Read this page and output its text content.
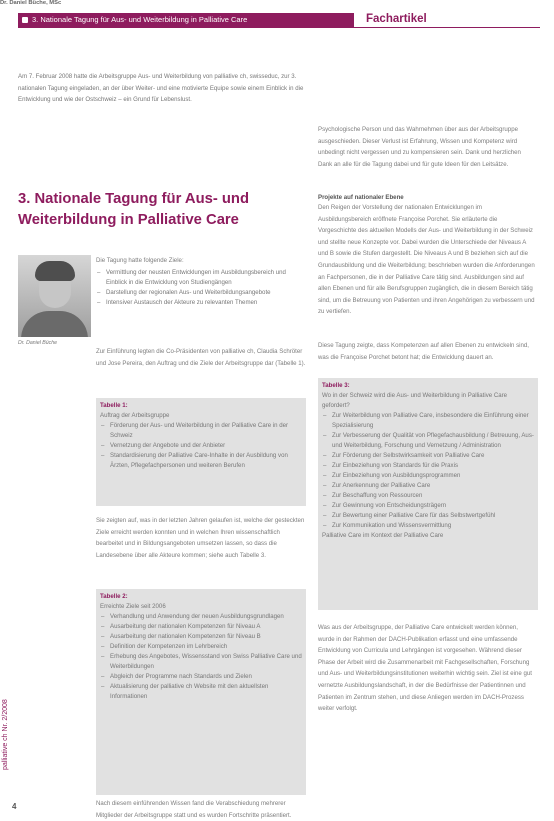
3. Nationale Tagung für Aus- und Weiterbildung in Palliative Care	Fachartikel
Am 7. Februar 2008 hatte die Arbeitsgruppe Aus- und Weiterbildung von palliative ch, swisseduc, zur 3. nationalen Tagung eingeladen, an der über Weiter- und eine motivierte Equipe sowie einem Einblick in die Entwicklung und wie der Ostschweiz – ein Grund für Lebenslust.
Dr. Daniel Büche, MSc
3. Nationale Tagung für Aus- und Weiterbildung in Palliative Care
Dr. Daniel Büche
Die Tagung hatte folgende Ziele:
– Vermittlung der neusten Entwicklungen im Ausbildungsbereich und Einblick in die Entwicklung von Studiengängen
– Darstellung der regionalen Aus- und Weiterbildungsangebote
– Intensiver Austausch der Akteure zu relevanten Themen
Zur Einführung legten die Co-Präsidenten von palliative ch, Claudia Schröter und Jose Pereira, den Auftrag und die Ziele der Arbeitsgruppe dar (Tabelle 1).
Tabelle 1:
Auftrag der Arbeitsgruppe
– Förderung der Aus- und Weiterbildung in der Palliative Care in der Schweiz
– Vernetzung der Angebote und der Anbieter
– Standardisierung der Palliative Care-Inhalte in der Ausbildung von Ärzten, Pflegefachpersonen und weiteren Berufen
Sie zeigten auf, was in der letzten Jahren gelaufen ist, welche der gesteckten Ziele erreicht werden konnten und in welchen Ihren wissenschaftlich bearbeitet und in Bildungsangeboten umsetzen lassen, so dass die Landesebene über alle Akteure kommen; siehe auch Tabelle 3.
Tabelle 2:
Erreichte Ziele seit 2006
– Verhandlung und Anwendung der neuen Ausbildungsgrundlagen
– Ausarbeitung der nationalen Kompetenzen für Niveau A
– Ausarbeitung der nationalen Kompetenzen für Niveau B
– Definition der Kompetenzen im Lehrbereich
– Erhebung des Angebotes, Wissensstand von Swiss Palliative Care und Weiterbildungen
– Abgleich der Programme nach Standards und Zielen
– Aktualisierung der palliative ch Website mit den aktuellsten Informationen
Nach diesem einführenden Wissen fand die Verabschiedung mehrerer Mitglieder der Arbeitsgruppe statt und es wurden Fortschritte präsentiert.
Psychologische Person und das Wahrnehmen über aus der Arbeitsgruppe ausgeschieden. Dieser Verlust ist Erfahrung, Wissen und Kompetenz wird unbedingt nicht vergessen und zu kompensieren sein. Dank und herzlichen Dank an alle für die Tagung dabei und für gute Ideen für den Leitsätze.
Projekte auf nationaler Ebene
Den Reigen der Vorstellung der nationalen Entwicklungen im Ausbildungsbereich eröffnete Françoise Porchet. Sie erläuterte die Vorgeschichte des aktuellen Modells der Aus- und Weiterbildung in der Schweiz und stellte neue Konzepte vor. Dabei wurden die Unterschiede der Niveaus A und B sowie die Stufen dargestellt. Die Niveaus A und B beziehen sich auf die Grundausbildung und die Weiterbildung; beschrieben wurden die Anforderungen an Fachpersonen, die in der Palliative Care tätig sind. Ausbildungen sind auf allen Ebenen und für alle Berufsgruppen zugänglich, die in diesem Bereich tätig sind, um die Betreuung von Patienten und ihren Angehörigen zu verbessern und zu vertiefen.
Diese Tagung zeigte, dass Kompetenzen auf allen Ebenen zu entwickeln sind, was die Françoise Porchet betont hat; die Entwicklung dauert an.
Tabelle 3:
Wo in der Schweiz wird die Aus- und Weiterbildung in Palliative Care gefordert?
– Zur Weiterbildung von Palliative Care, insbesondere die Einführung einer Spezialisierung
– Zur Verbesserung der Qualität von Pflegefachausbildung / Betreuung, Aus- und Weiterbildung, Forschung und Vernetzung / Administration
– Zur Förderung der Selbstwirksamkeit von Palliative Care
– Zur Einbeziehung von Standards für die Praxis
– Zur Einbeziehung von Ausbildungsprogrammen
– Zur Anerkennung der Palliative Care
– Zur Beschaffung von Ressourcen
– Zur Gewinnung von Entscheidungsträgern
– Zur Bewertung einer Palliative Care für das Selbstwertgefühl
– Zur Kommunikation und Wissensvermittlung
Palliative Care im Kontext der Palliative Care
Was aus der Arbeitsgruppe, der Palliative Care entwickelt werden können, wurde in der Rahmen der DACH-Publikation erfasst und eine umfassende Entwicklung von Curricula und Lehrgängen ist vorgesehen. Während dieser Phase der Arbeit wird die Zusammenarbeit mit Fachgesellschaften, Forschung und Aus- und Weiterbildungsinstitutionen weiterhin wichtig sein. Ziel ist eine gut vernetzte Ausbildungslandschaft, in der die Bedürfnisse der Patientinnen und Patienten im Zentrum stehen, und diese Anliegen werden im DACH-Prozess weiter verfolgt.
palliative ch Nr. 2/2008
4
